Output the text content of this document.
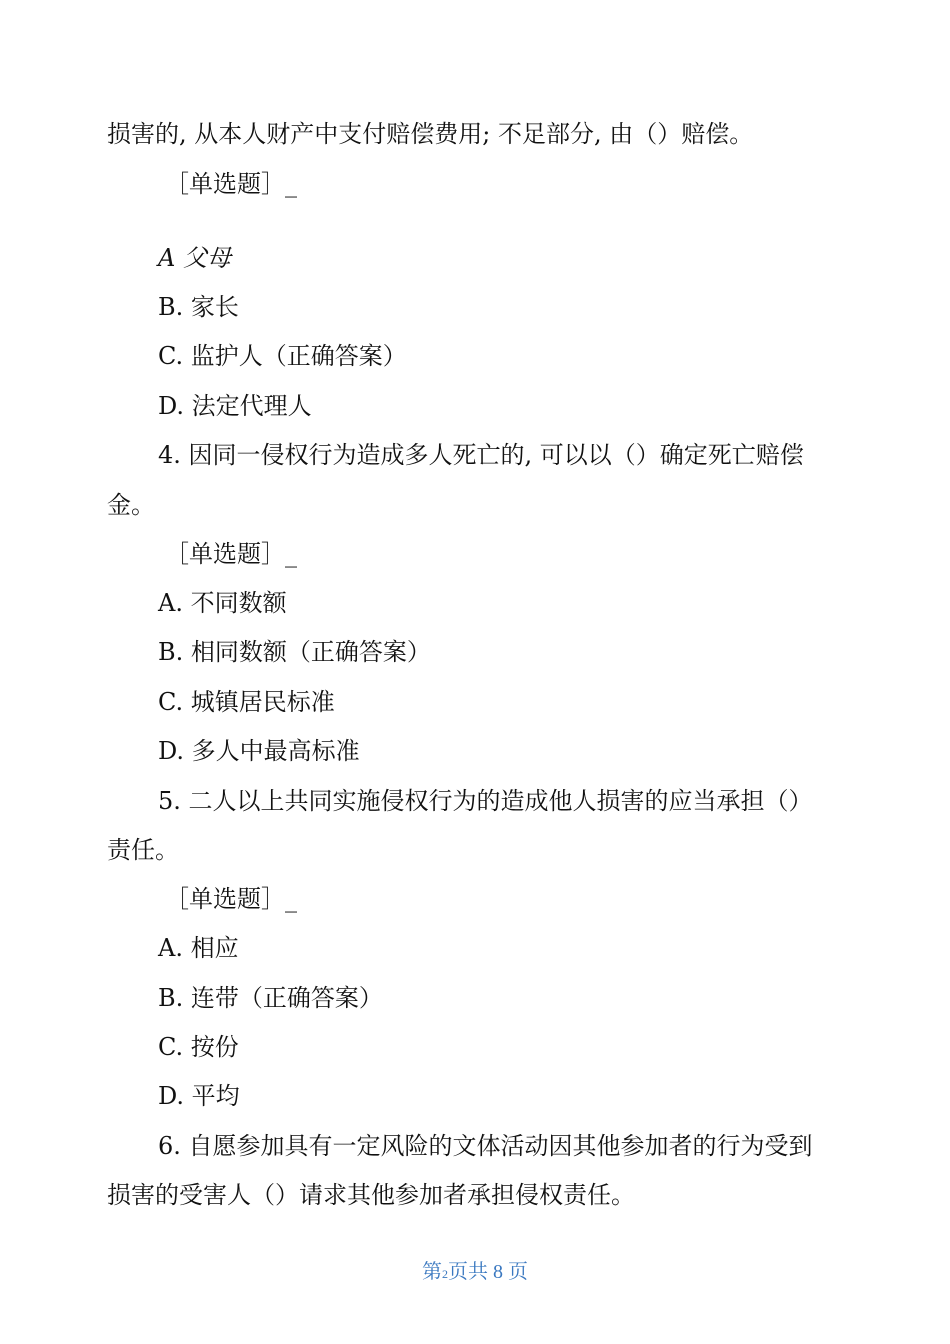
损害的, 从本人财产中支付赔偿费用; 不足部分, 由（）赔偿。
［单选题］_
A 父母
B. 家长
C. 监护人（正确答案）
D. 法定代理人
4. 因同一侵权行为造成多人死亡的, 可以以（）确定死亡赔偿
金。
［单选题］_
A. 不同数额
B. 相同数额（正确答案）
C. 城镇居民标准
D. 多人中最高标准
5. 二人以上共同实施侵权行为的造成他人损害的应当承担（）
责任。
［单选题］_
A. 相应
B. 连带（正确答案）
C. 按份
D. 平均
6. 自愿参加具有一定风险的文体活动因其他参加者的行为受到
损害的受害人（）请求其他参加者承担侵权责任。
第2页共 8 页
